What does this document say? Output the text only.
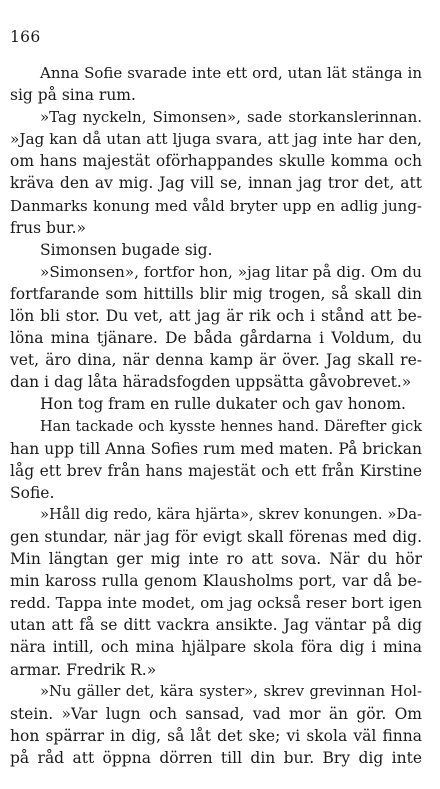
166
Anna Sofie svarade inte ett ord, utan lät stänga in
sig på sina rum.
»Tag nyckeln, Simonsen», sade storkanslerinnan.
»Jag kan då utan att ljuga svara, att jag inte har den,
om hans majestät oförhappandes skulle komma och
kräva den av mig. Jag vill se, innan jag tror det, att
Danmarks konung med våld bryter upp en adlig jung-
frus bur.»
Simonsen bugade sig.
»Simonsen», fortfor hon, »jag litar på dig. Om du
fortfarande som hittills blir mig trogen, så skall din
lön bli stor. Du vet, att jag är rik och i stånd att be-
löna mina tjänare. De båda gårdarna i Voldum, du
vet, äro dina, när denna kamp är över. Jag skall re-
dan i dag låta häradsfogden uppsätta gåvobrevet.»
Hon tog fram en rulle dukater och gav honom.
Han tackade och kysste hennes hand. Därefter gick
han upp till Anna Sofies rum med maten. På brickan
låg ett brev från hans majestät och ett från Kirstine
Sofie.
»Håll dig redo, kära hjärta», skrev konungen. »Da-
gen stundar, när jag för evigt skall förenas med dig.
Min längtan ger mig inte ro att sova. När du hör
min kaross rulla genom Klausholms port, var då be-
redd. Tappa inte modet, om jag också reser bort igen
utan att få se ditt vackra ansikte. Jag väntar på dig
nära intill, och mina hjälpare skola föra dig i mina
armar. Fredrik R.»
»Nu gäller det, kära syster», skrev grevinnan Hol-
stein. »Var lugn och sansad, vad mor än gör. Om
hon spärrar in dig, så låt det ske; vi skola väl finna
på råd att öppna dörren till din bur. Bry dig inte
